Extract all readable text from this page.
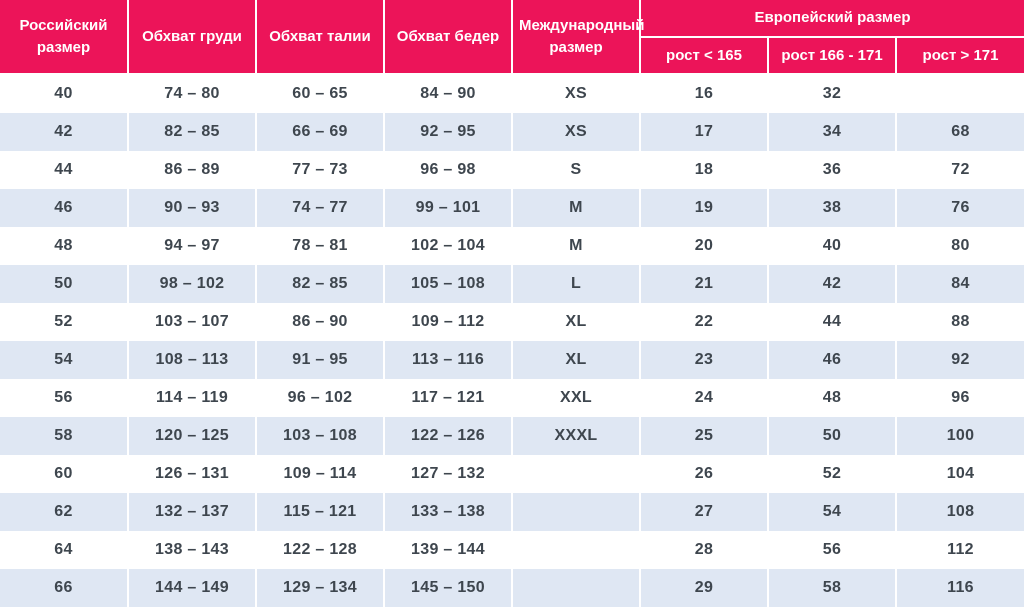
Российский размер	Обхват груди	Обхват талии	Обхват бедер	Международный размер	Европейский размер		
					рост < 165	рост 166 - 171	рост > 171
40	74 – 80	60 – 65	84 – 90	XS	16	32	
42	82 – 85	66 – 69	92 – 95	XS	17	34	68
44	86 – 89	77 – 73	96 – 98	S	18	36	72
46	90 – 93	74 – 77	99 – 101	M	19	38	76
48	94 – 97	78 – 81	102 – 104	M	20	40	80
50	98 – 102	82 – 85	105 – 108	L	21	42	84
52	103 – 107	86 – 90	109 – 112	XL	22	44	88
54	108 – 113	91 – 95	113 – 116	XL	23	46	92
56	114 – 119	96 – 102	117 – 121	XXL	24	48	96
58	120 – 125	103 – 108	122 – 126	XXXL	25	50	100
60	126 – 131	109 – 114	127 – 132		26	52	104
62	132 – 137	115 – 121	133 – 138		27	54	108
64	138 – 143	122 – 128	139 – 144		28	56	112
66	144 – 149	129 – 134	145 – 150		29	58	116
